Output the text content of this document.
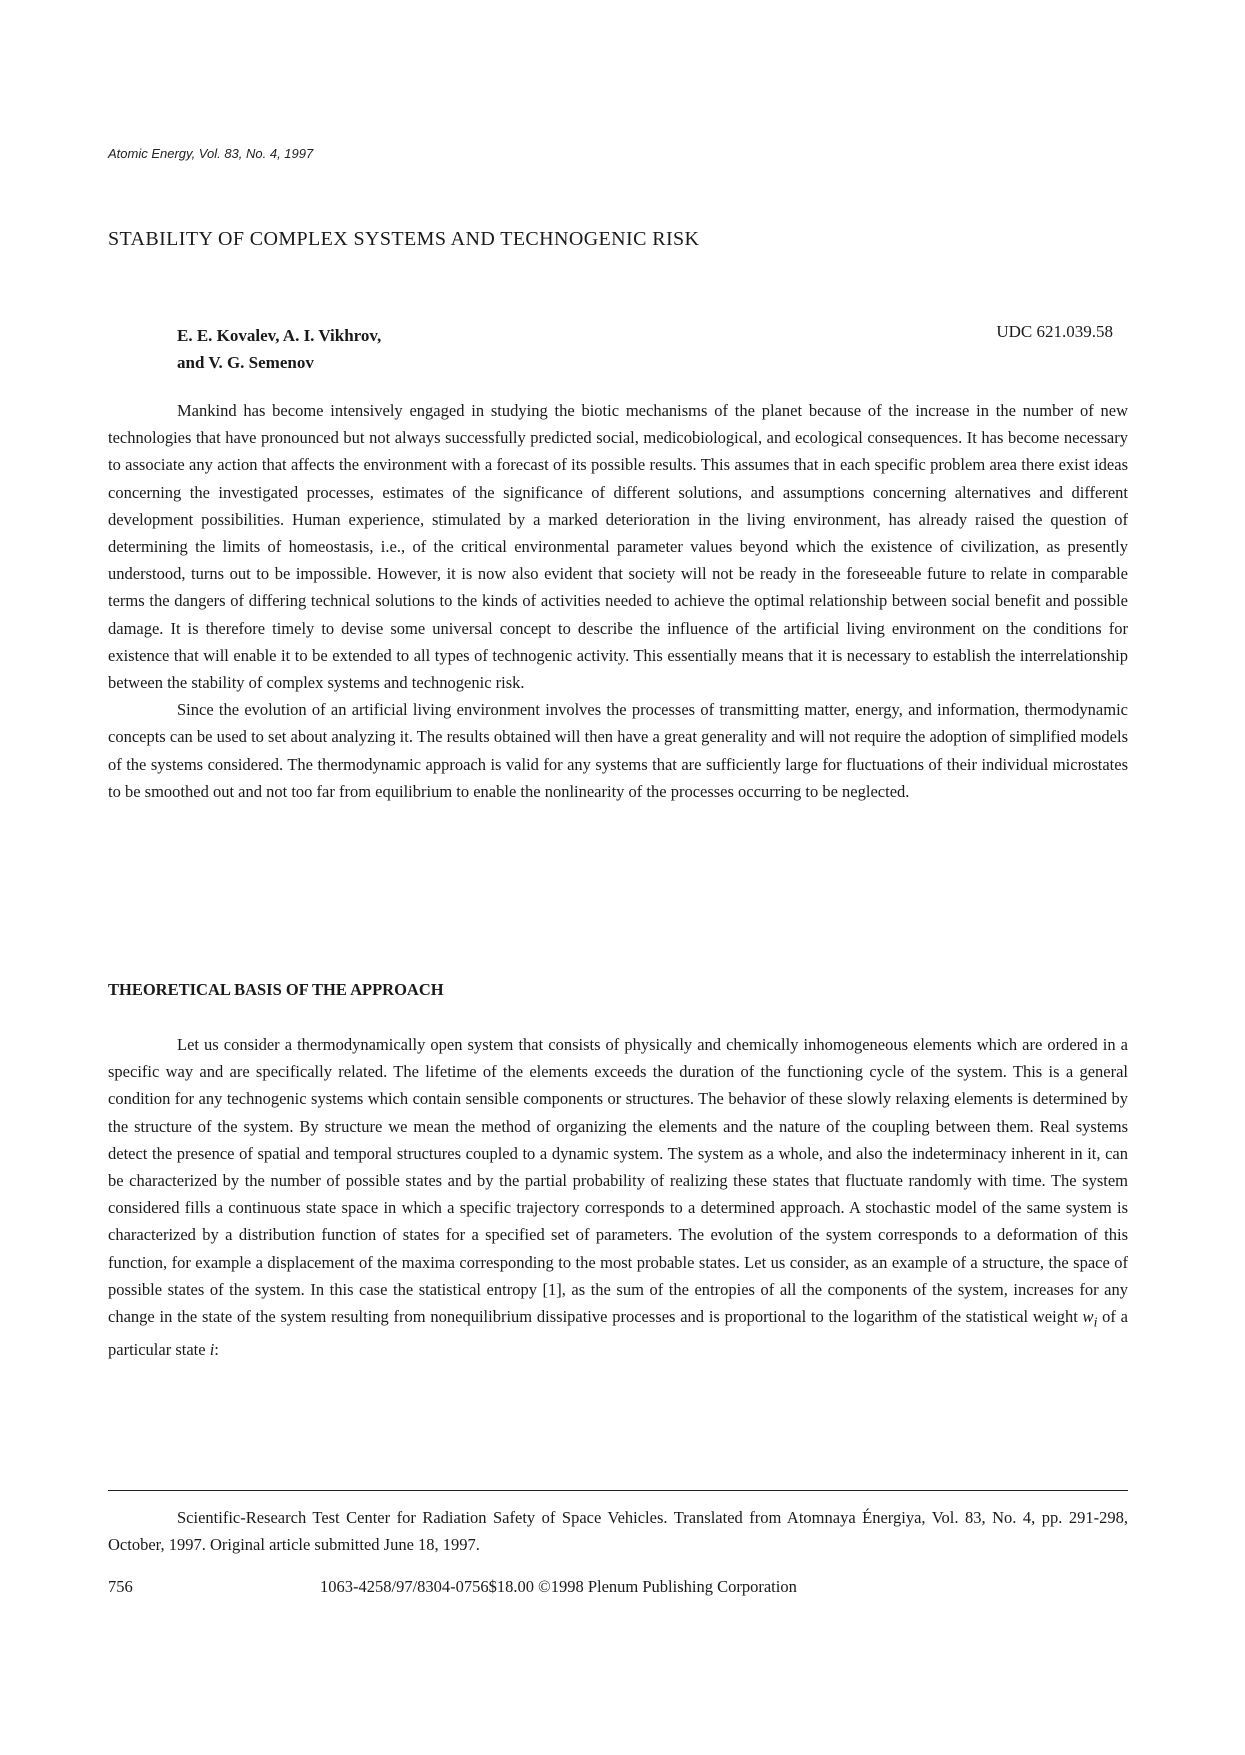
Atomic Energy, Vol. 83, No. 4, 1997
STABILITY OF COMPLEX SYSTEMS AND TECHNOGENIC RISK
E. E. Kovalev, A. I. Vikhrov,
and V. G. Semenov
UDC 621.039.58

Mankind has become intensively engaged in studying the biotic mechanisms of the planet because of the increase in the number of new technologies that have pronounced but not always successfully predicted social, medicobiological, and ecological consequences. It has become necessary to associate any action that affects the environment with a forecast of its possible results. This assumes that in each specific problem area there exist ideas concerning the investigated processes, estimates of the significance of different solutions, and assumptions concerning alternatives and different development possibilities. Human experience, stimulated by a marked deterioration in the living environment, has already raised the question of determining the limits of homeostasis, i.e., of the critical environmental parameter values beyond which the existence of civilization, as presently understood, turns out to be impossible. However, it is now also evident that society will not be ready in the foreseeable future to relate in comparable terms the dangers of differing technical solutions to the kinds of activities needed to achieve the optimal relationship between social benefit and possible damage. It is therefore timely to devise some universal concept to describe the influence of the artificial living environment on the conditions for existence that will enable it to be extended to all types of technogenic activity. This essentially means that it is necessary to establish the interrelationship between the stability of complex systems and technogenic risk.

Since the evolution of an artificial living environment involves the processes of transmitting matter, energy, and information, thermodynamic concepts can be used to set about analyzing it. The results obtained will then have a great generality and will not require the adoption of simplified models of the systems considered. The thermodynamic approach is valid for any systems that are sufficiently large for fluctuations of their individual microstates to be smoothed out and not too far from equilibrium to enable the nonlinearity of the processes occurring to be neglected.

THEORETICAL BASIS OF THE APPROACH

Let us consider a thermodynamically open system that consists of physically and chemically inhomogeneous elements which are ordered in a specific way and are specifically related. The lifetime of the elements exceeds the duration of the functioning cycle of the system. This is a general condition for any technogenic systems which contain sensible components or structures. The behavior of these slowly relaxing elements is determined by the structure of the system. By structure we mean the method of organizing the elements and the nature of the coupling between them. Real systems detect the presence of spatial and temporal structures coupled to a dynamic system. The system as a whole, and also the indeterminacy inherent in it, can be characterized by the number of possible states and by the partial probability of realizing these states that fluctuate randomly with time. The system considered fills a continuous state space in which a specific trajectory corresponds to a determined approach. A stochastic model of the same system is characterized by a distribution function of states for a specified set of parameters. The evolution of the system corresponds to a deformation of this function, for example a displacement of the maxima corresponding to the most probable states. Let us consider, as an example of a structure, the space of possible states of the system. In this case the statistical entropy [1], as the sum of the entropies of all the components of the system, increases for any change in the state of the system resulting from nonequilibrium dissipative processes and is proportional to the logarithm of the statistical weight $w_i$ of a particular state i:

Scientific-Research Test Center for Radiation Safety of Space Vehicles. Translated from Atomnaya Énergiya, Vol. 83, No. 4, pp. 291-298, October, 1997. Original article submitted June 18, 1997.
756	1063-4258/97/8304-0756$18.00 ©1998 Plenum Publishing Corporation
